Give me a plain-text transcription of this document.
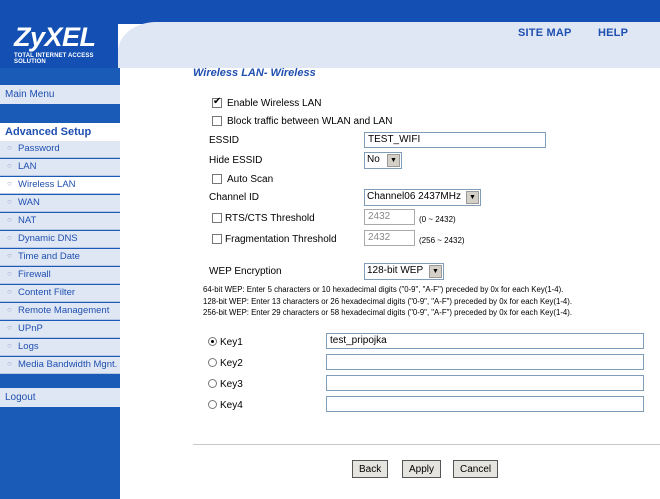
SITE MAP HELP
ZyXEL
TOTAL INTERNET ACCESS SOLUTION
Main Menu
Advanced Setup
○ Password
○ LAN
○ Wireless LAN
○ WAN
○ NAT
○ Dynamic DNS
○ Time and Date
○ Firewall
○ Content Filter
○ Remote Management
○ UPnP
○ Logs
○ Media Bandwidth Mgnt.
Logout
Wireless LAN- Wireless
✔
Enable Wireless LAN
Block traffic between WLAN and LAN
ESSID	TEST_WIFI
Hide ESSID	No	▼
Auto Scan
Channel ID	Channel06 2437MHz	▼
RTS/CTS Threshold	2432	(0 ~ 2432)
Fragmentation Threshold	2432	(256 ~ 2432)
WEP Encryption	128-bit WEP	▼
64-bit WEP: Enter 5 characters or 10 hexadecimal digits ("0-9", "A-F") preceded by 0x for each Key(1-4).
128-bit WEP: Enter 13 characters or 26 hexadecimal digits ("0-9", "A-F") preceded by 0x for each Key(1-4).
256-bit WEP: Enter 29 characters or 58 hexadecimal digits ("0-9", "A-F") preceded by 0x for each Key(1-4).
Key1	test_pripojka
Key2
Key3
Key4
Back	Apply	Cancel
